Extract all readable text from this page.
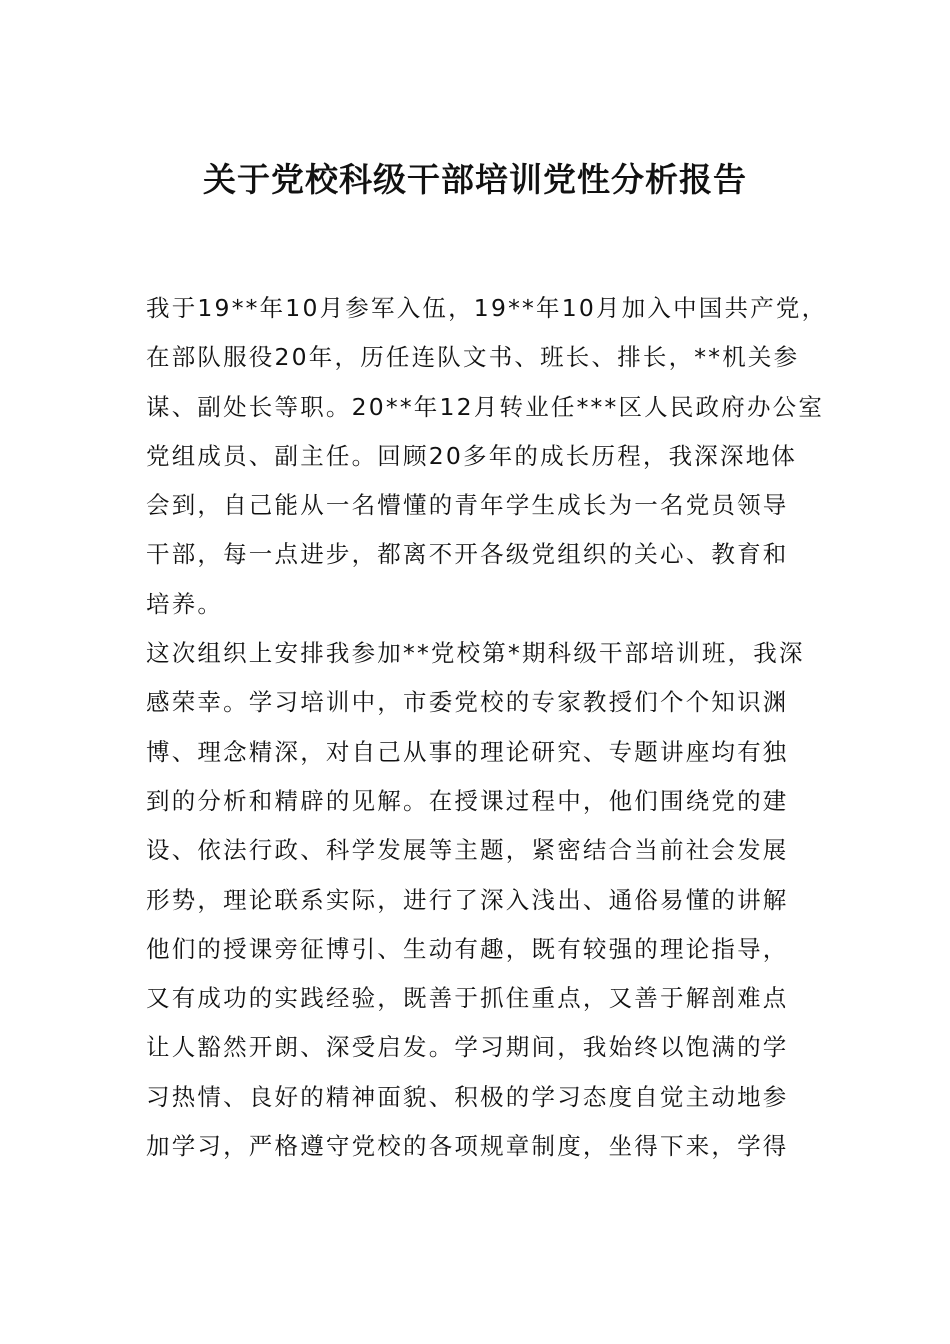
关于党校科级干部培训党性分析报告
我于19**年10月参军入伍，19**年10月加入中国共产党，
在部队服役20年，历任连队文书、班长、排长，**机关参
谋、副处长等职。20**年12月转业任***区人民政府办公室
党组成员、副主任。回顾20多年的成长历程，我深深地体
会到，自己能从一名懵懂的青年学生成长为一名党员领导
干部，每一点进步，都离不开各级党组织的关心、教育和
培养。
这次组织上安排我参加**党校第*期科级干部培训班，我深
感荣幸。学习培训中，市委党校的专家教授们个个知识渊
博、理念精深，对自己从事的理论研究、专题讲座均有独
到的分析和精辟的见解。在授课过程中，他们围绕党的建
设、依法行政、科学发展等主题，紧密结合当前社会发展
形势，理论联系实际，进行了深入浅出、通俗易懂的讲解
他们的授课旁征博引、生动有趣，既有较强的理论指导，
又有成功的实践经验，既善于抓住重点，又善于解剖难点
让人豁然开朗、深受启发。学习期间，我始终以饱满的学
习热情、良好的精神面貌、积极的学习态度自觉主动地参
加学习，严格遵守党校的各项规章制度，坐得下来，学得
